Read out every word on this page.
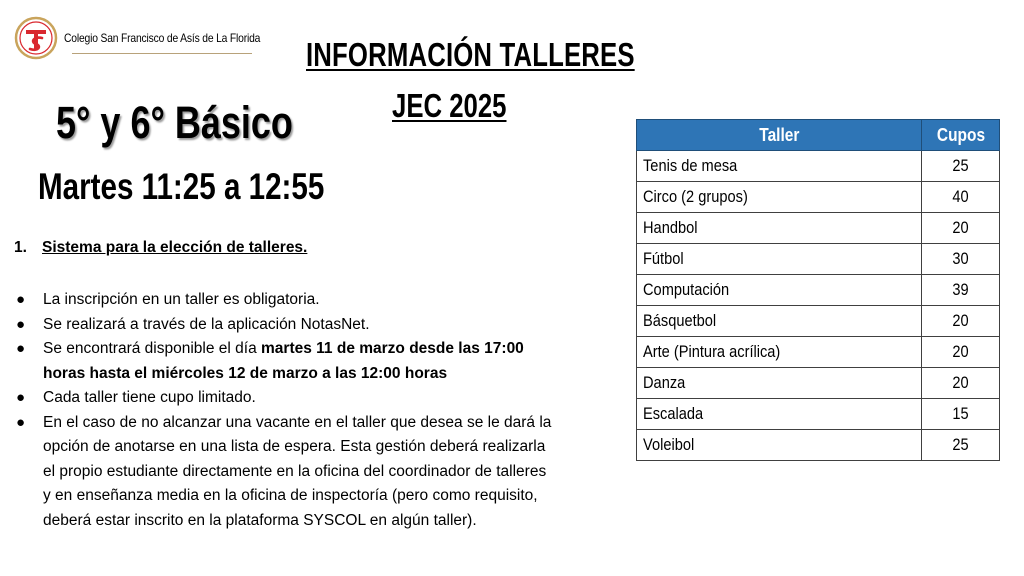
Colegio San Francisco de Asís de La Florida INFORMACIÓN TALLERES
JEC 2025
5° y 6° Básico
Martes 11:25 a 12:55
1. Sistema para la elección de talleres.
● La inscripción en un taller es obligatoria.
● Se realizará a través de la aplicación NotasNet.
● Se encontrará disponible el día martes 11 de marzo desde las 17:00 horas hasta el miércoles 12 de marzo a las 12:00 horas
● Cada taller tiene cupo limitado.
● En el caso de no alcanzar una vacante en el taller que desea se le dará la opción de anotarse en una lista de espera. Esta gestión deberá realizarla el propio estudiante directamente en la oficina del coordinador de talleres y en enseñanza media en la oficina de inspectoría (pero como requisito, deberá estar inscrito en la plataforma SYSCOL en algún taller).
Taller	Cupos
Tenis de mesa	25
Circo (2 grupos)	40
Handbol	20
Fútbol	30
Computación	39
Básquetbol	20
Arte (Pintura acrílica)	20
Danza	20
Escalada	15
Voleibol	25
